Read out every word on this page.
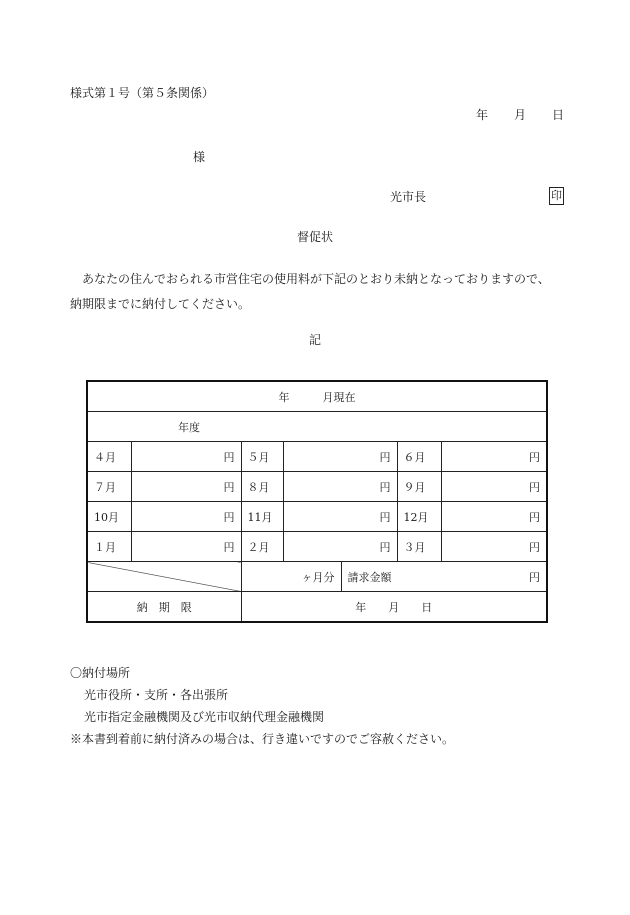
様式第１号（第５条関係）
年 月 日
様
光市長	印
督促状

　あなたの住んでおられる市営住宅の使用料が下記のとおり未納となっておりますので、

納期限までに納付してください。

記
年　　　月現在						
年度						
４月	円	５月	円		６月	円
７月	円	８月	円		９月	円
10月	円	11月	円		12月	円
１月	円	２月	円		３月	円
		ヶ月分		請求金額 円		

納　期　限		年　　月　　日				
〇納付場所
光市役所・支所・各出張所
光市指定金融機関及び光市収納代理金融機関
※本書到着前に納付済みの場合は、行き違いですのでご容赦ください。
